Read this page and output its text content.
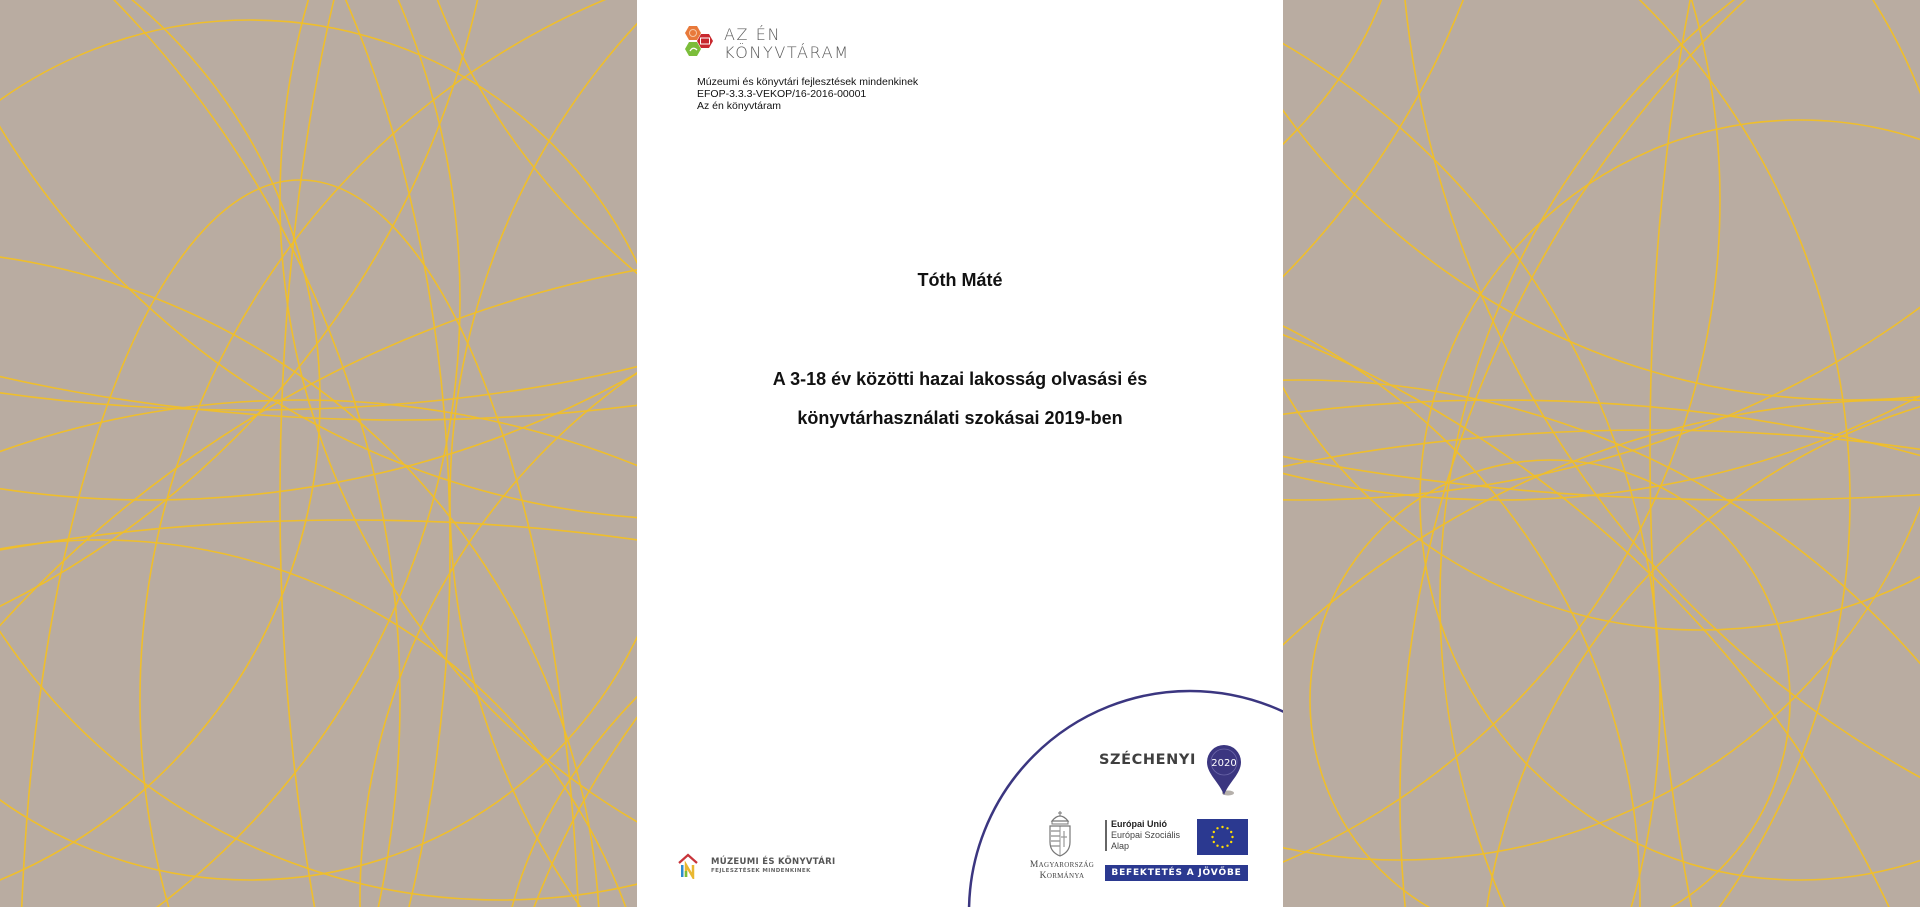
AZ ÉN
KÖNYVTÁRAM
Múzeumi és könyvtári fejlesztések mindenkinek
EFOP-3.3.3-VEKOP/16-2016-00001
Az én könyvtáram
Tóth Máté
A 3-18 év közötti hazai lakosság olvasási és
könyvtárhasználati szokásai 2019-ben
SZÉCHENYI 2020
Magyarország
Kormánya
Európai Unió
Európai Szociális
Alap
BEFEKTETÉS A JÖVŐBE
MÚZEUMI ÉS KÖNYVTÁRI
FEJLESZTÉSEK MINDENKINEK
